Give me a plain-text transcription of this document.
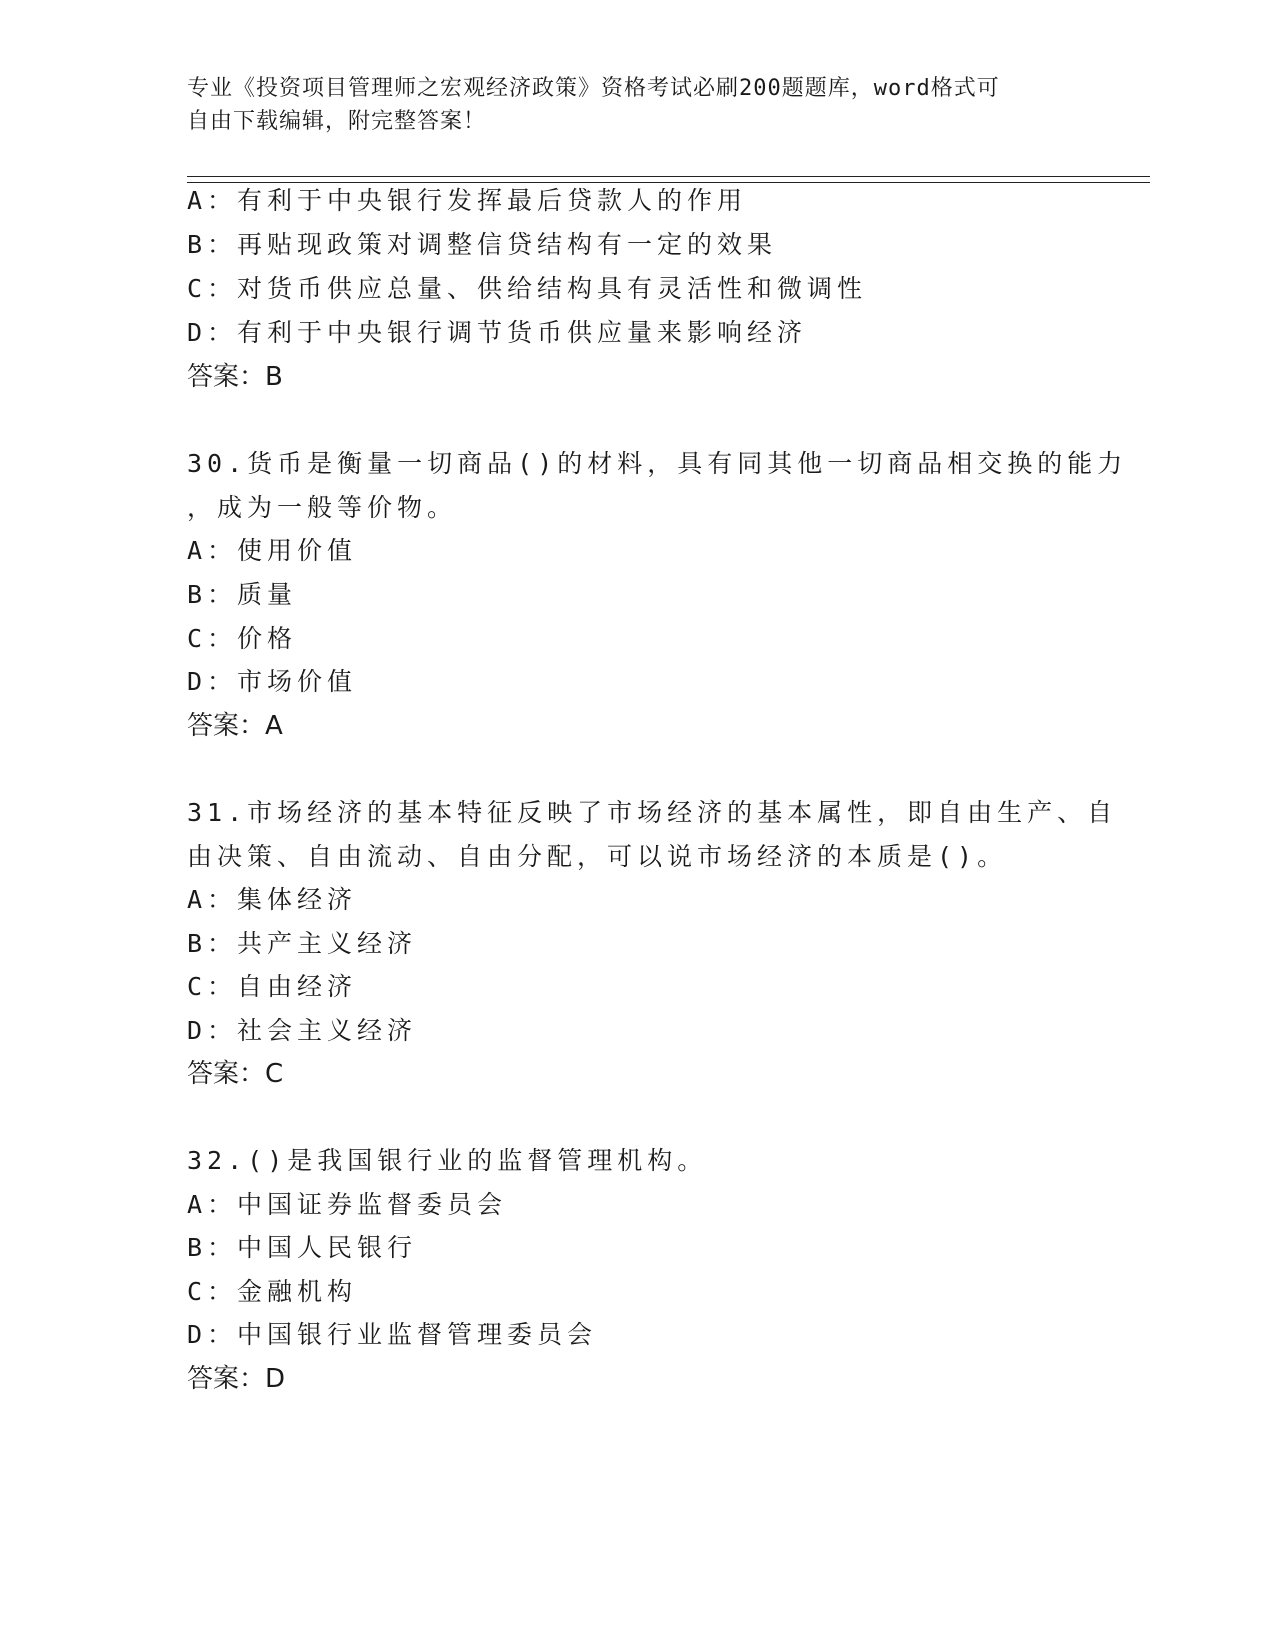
专业《投资项目管理师之宏观经济政策》资格考试必刷200题题库，word格式可
自由下载编辑，附完整答案！
A：有利于中央银行发挥最后贷款人的作用
B：再贴现政策对调整信贷结构有一定的效果
C：对货币供应总量、供给结构具有灵活性和微调性
D：有利于中央银行调节货币供应量来影响经济
答案：B
30.货币是衡量一切商品()的材料，具有同其他一切商品相交换的能力
，成为一般等价物。
A：使用价值
B：质量
C：价格
D：市场价值
答案：A
31.市场经济的基本特征反映了市场经济的基本属性，即自由生产、自
由决策、自由流动、自由分配，可以说市场经济的本质是()。
A：集体经济
B：共产主义经济
C：自由经济
D：社会主义经济
答案：C
32.()是我国银行业的监督管理机构。
A：中国证券监督委员会
B：中国人民银行
C：金融机构
D：中国银行业监督管理委员会
答案：D
